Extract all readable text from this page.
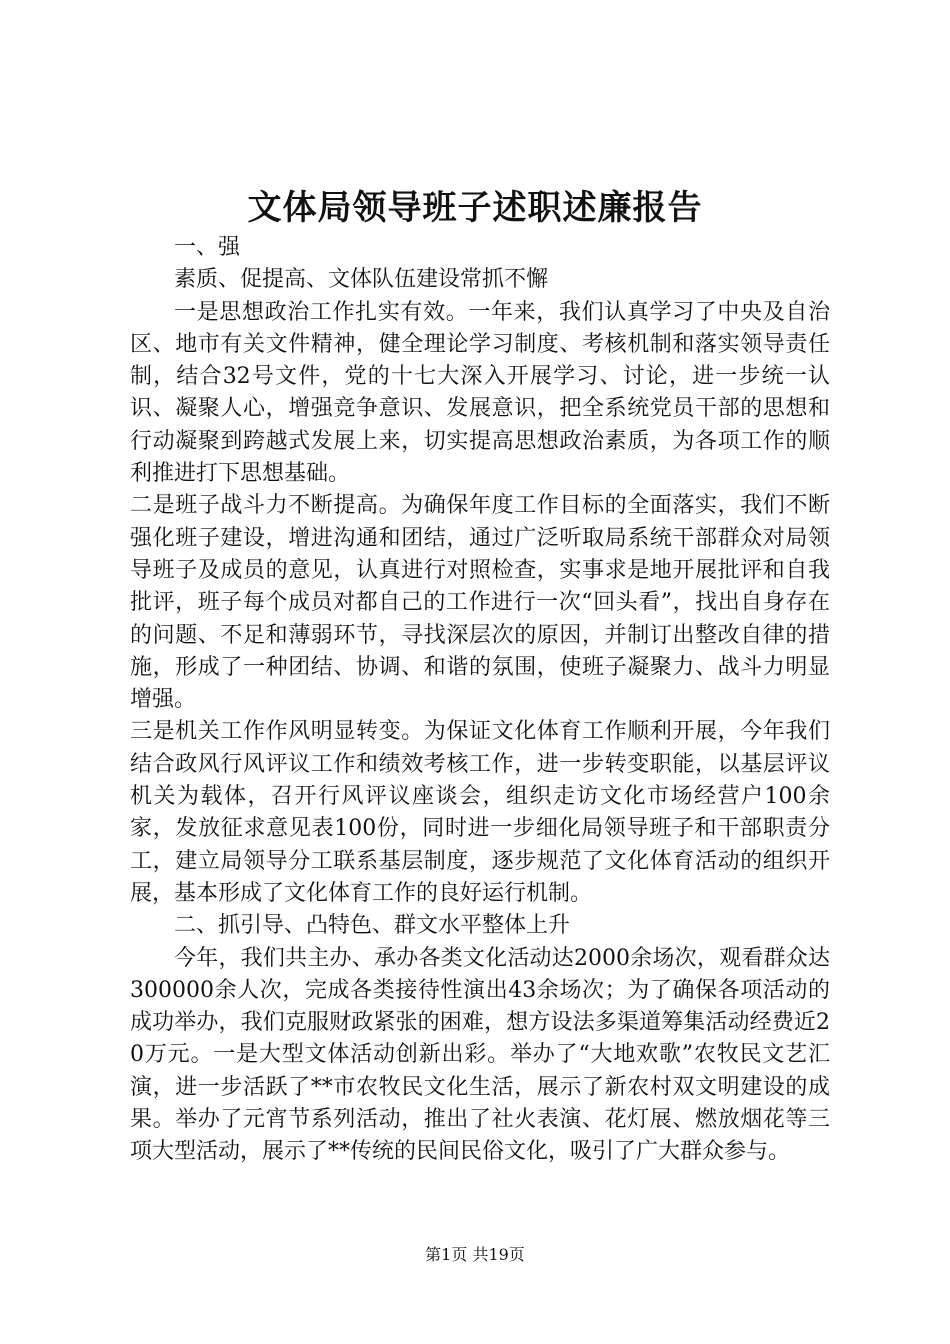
文体局领导班子述职述廉报告

一、强

素质、促提高、文体队伍建设常抓不懈

一是思想政治工作扎实有效。一年来，我们认真学习了中央及自治区、地市有关文件精神，健全理论学习制度、考核机制和落实领导责任制，结合32号文件，党的十七大深入开展学习、讨论，进一步统一认识、凝聚人心，增强竞争意识、发展意识，把全系统党员干部的思想和行动凝聚到跨越式发展上来，切实提高思想政治素质，为各项工作的顺利推进打下思想基础。

二是班子战斗力不断提高。为确保年度工作目标的全面落实，我们不断强化班子建设，增进沟通和团结，通过广泛听取局系统干部群众对局领导班子及成员的意见，认真进行对照检查，实事求是地开展批评和自我批评，班子每个成员对都自己的工作进行一次“回头看”，找出自身存在的问题、不足和薄弱环节，寻找深层次的原因，并制订出整改自律的措施，形成了一种团结、协调、和谐的氛围，使班子凝聚力、战斗力明显增强。

三是机关工作作风明显转变。为保证文化体育工作顺利开展，今年我们结合政风行风评议工作和绩效考核工作，进一步转变职能，以基层评议机关为载体，召开行风评议座谈会，组织走访文化市场经营户100余家，发放征求意见表100份，同时进一步细化局领导班子和干部职责分工，建立局领导分工联系基层制度，逐步规范了文化体育活动的组织开展，基本形成了文化体育工作的良好运行机制。

二、抓引导、凸特色、群文水平整体上升

今年，我们共主办、承办各类文化活动达2000余场次，观看群众达300000余人次，完成各类接待性演出43余场次；为了确保各项活动的成功举办，我们克服财政紧张的困难，想方设法多渠道筹集活动经费近20万元。一是大型文体活动创新出彩。举办了“大地欢歌”农牧民文艺汇演，进一步活跃了**市农牧民文化生活，展示了新农村双文明建设的成果。举办了元宵节系列活动，推出了社火表演、花灯展、燃放烟花等三项大型活动，展示了**传统的民间民俗文化，吸引了广大群众参与。

第1页 共19页
